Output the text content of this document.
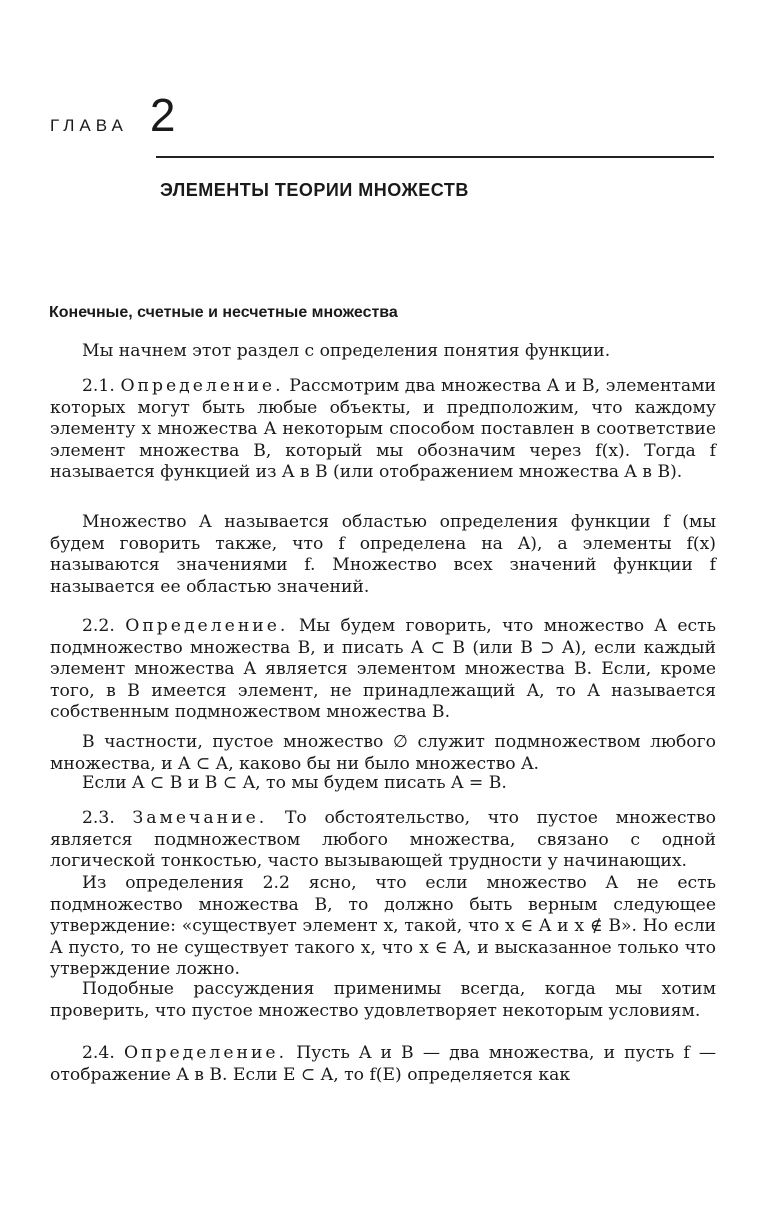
ГЛАВА 2
ЭЛЕМЕНТЫ ТЕОРИИ МНОЖЕСТВ
Конечные, счетные и несчетные множества

Мы начнем этот раздел с определения понятия функции.

2.1. Определение. Рассмотрим два множества A и B, элементами которых могут быть любые объекты, и предположим, что каждому элементу x множества A некоторым способом поставлен в соответствие элемент множества B, который мы обозначим через f(x). Тогда f называется функцией из A в B (или отображением множества A в B).

Множество A называется областью определения функции f (мы будем говорить также, что f определена на A), а элементы f(x) называются значениями f. Множество всех значений функции f называется ее областью значений.

2.2. Определение. Мы будем говорить, что множество A есть подмножество множества B, и писать A ⊂ B (или B ⊃ A), если каждый элемент множества A является элементом множества B. Если, кроме того, в B имеется элемент, не принадлежащий A, то A называется собственным подмножеством множества B.

В частности, пустое множество ∅ служит подмножеством любого множества, и A ⊂ A, каково бы ни было множество A.

Если A ⊂ B и B ⊂ A, то мы будем писать A = B.

2.3. Замечание. То обстоятельство, что пустое множество является подмножеством любого множества, связано с одной логической тонкостью, часто вызывающей трудности у начинающих.

Из определения 2.2 ясно, что если множество A не есть подмножество множества B, то должно быть верным следующее утверждение: «существует элемент x, такой, что x ∈ A и x ∉ B». Но если A пусто, то не существует такого x, что x ∈ A, и высказанное только что утверждение ложно.

Подобные рассуждения применимы всегда, когда мы хотим проверить, что пустое множество удовлетворяет некоторым условиям.

2.4. Определение. Пусть A и B — два множества, и пусть f — отображение A в B. Если E ⊂ A, то f(E) определяется как
